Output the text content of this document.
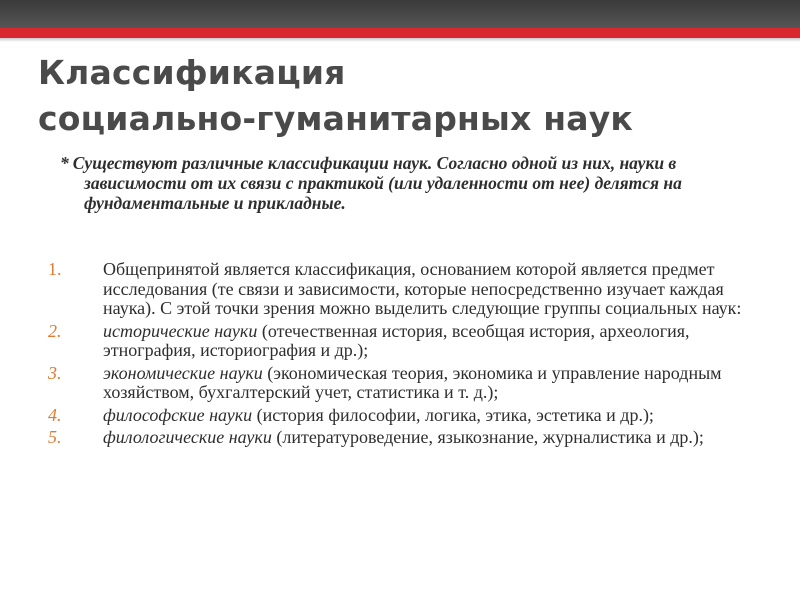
Классификация
социально-гуманитарных наук

* Существуют различные классификации наук. Согласно одной из них, науки в зависимости от их связи с практикой (или удаленности от нее) делятся на фундаментальные и прикладные.

1. Общепринятой является классификация, основанием которой является предмет исследования (те связи и зависимости, которые непосредственно изучает каждая наука). С этой точки зрения можно выделить следующие группы социальных наук:
2. исторические науки (отечественная история, всеобщая история, археология, этнография, историография и др.);
3. экономические науки (экономическая теория, экономика и управление народным хозяйством, бухгалтерский учет, статистика и т. д.);
4. философские науки (история философии, логика, этика, эстетика и др.);
5. филологические науки (литературоведение, языкознание, журналистика и др.);
